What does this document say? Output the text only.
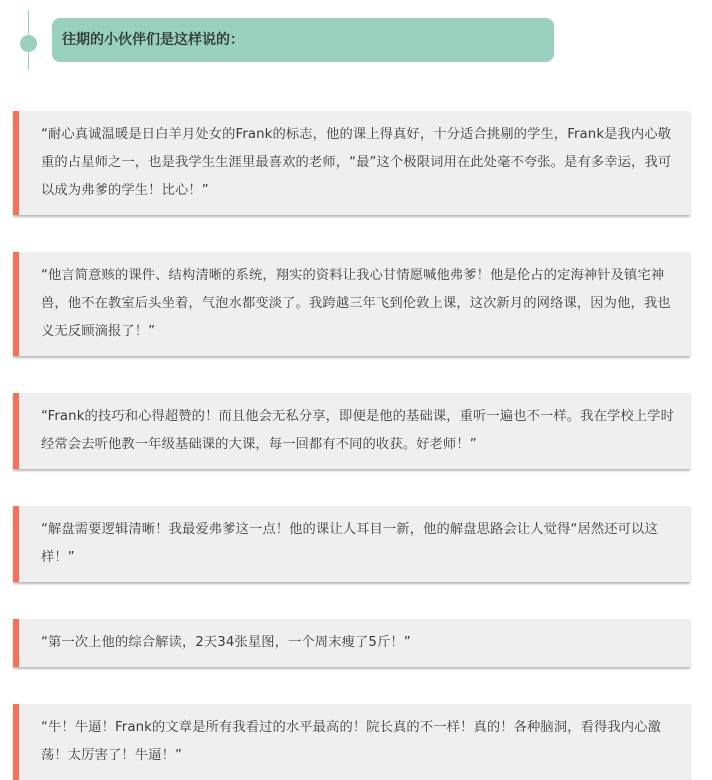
往期的小伙伴们是这样说的：

“耐心真诚温暖是日白羊月处女的Frank的标志，他的课上得真好，十分适合挑剔的学生，Frank是我内心敬重的占星师之一，也是我学生生涯里最喜欢的老师，“最”这个极限词用在此处毫不夸张。是有多幸运，我可以成为弗爹的学生！比心！”

“他言简意赅的课件、结构清晰的系统，翔实的资料让我心甘情愿喊他弗爹！他是伦占的定海神针及镇宅神兽，他不在教室后头坐着，气泡水都变淡了。我跨越三年飞到伦敦上课，这次新月的网络课，因为他，我也义无反顾滴报了！”

“Frank的技巧和心得超赞的！而且他会无私分享，即便是他的基础课，重听一遍也不一样。我在学校上学时经常会去听他教一年级基础课的大课，每一回都有不同的收获。好老师！”

“解盘需要逻辑清晰！我最爱弗爹这一点！他的课让人耳目一新，他的解盘思路会让人觉得“居然还可以这样！”

“第一次上他的综合解读，2天34张星图，一个周末瘦了5斤！”

“牛！牛逼！Frank的文章是所有我看过的水平最高的！院长真的不一样！真的！各种脑洞，看得我内心激荡！太厉害了！牛逼！”
